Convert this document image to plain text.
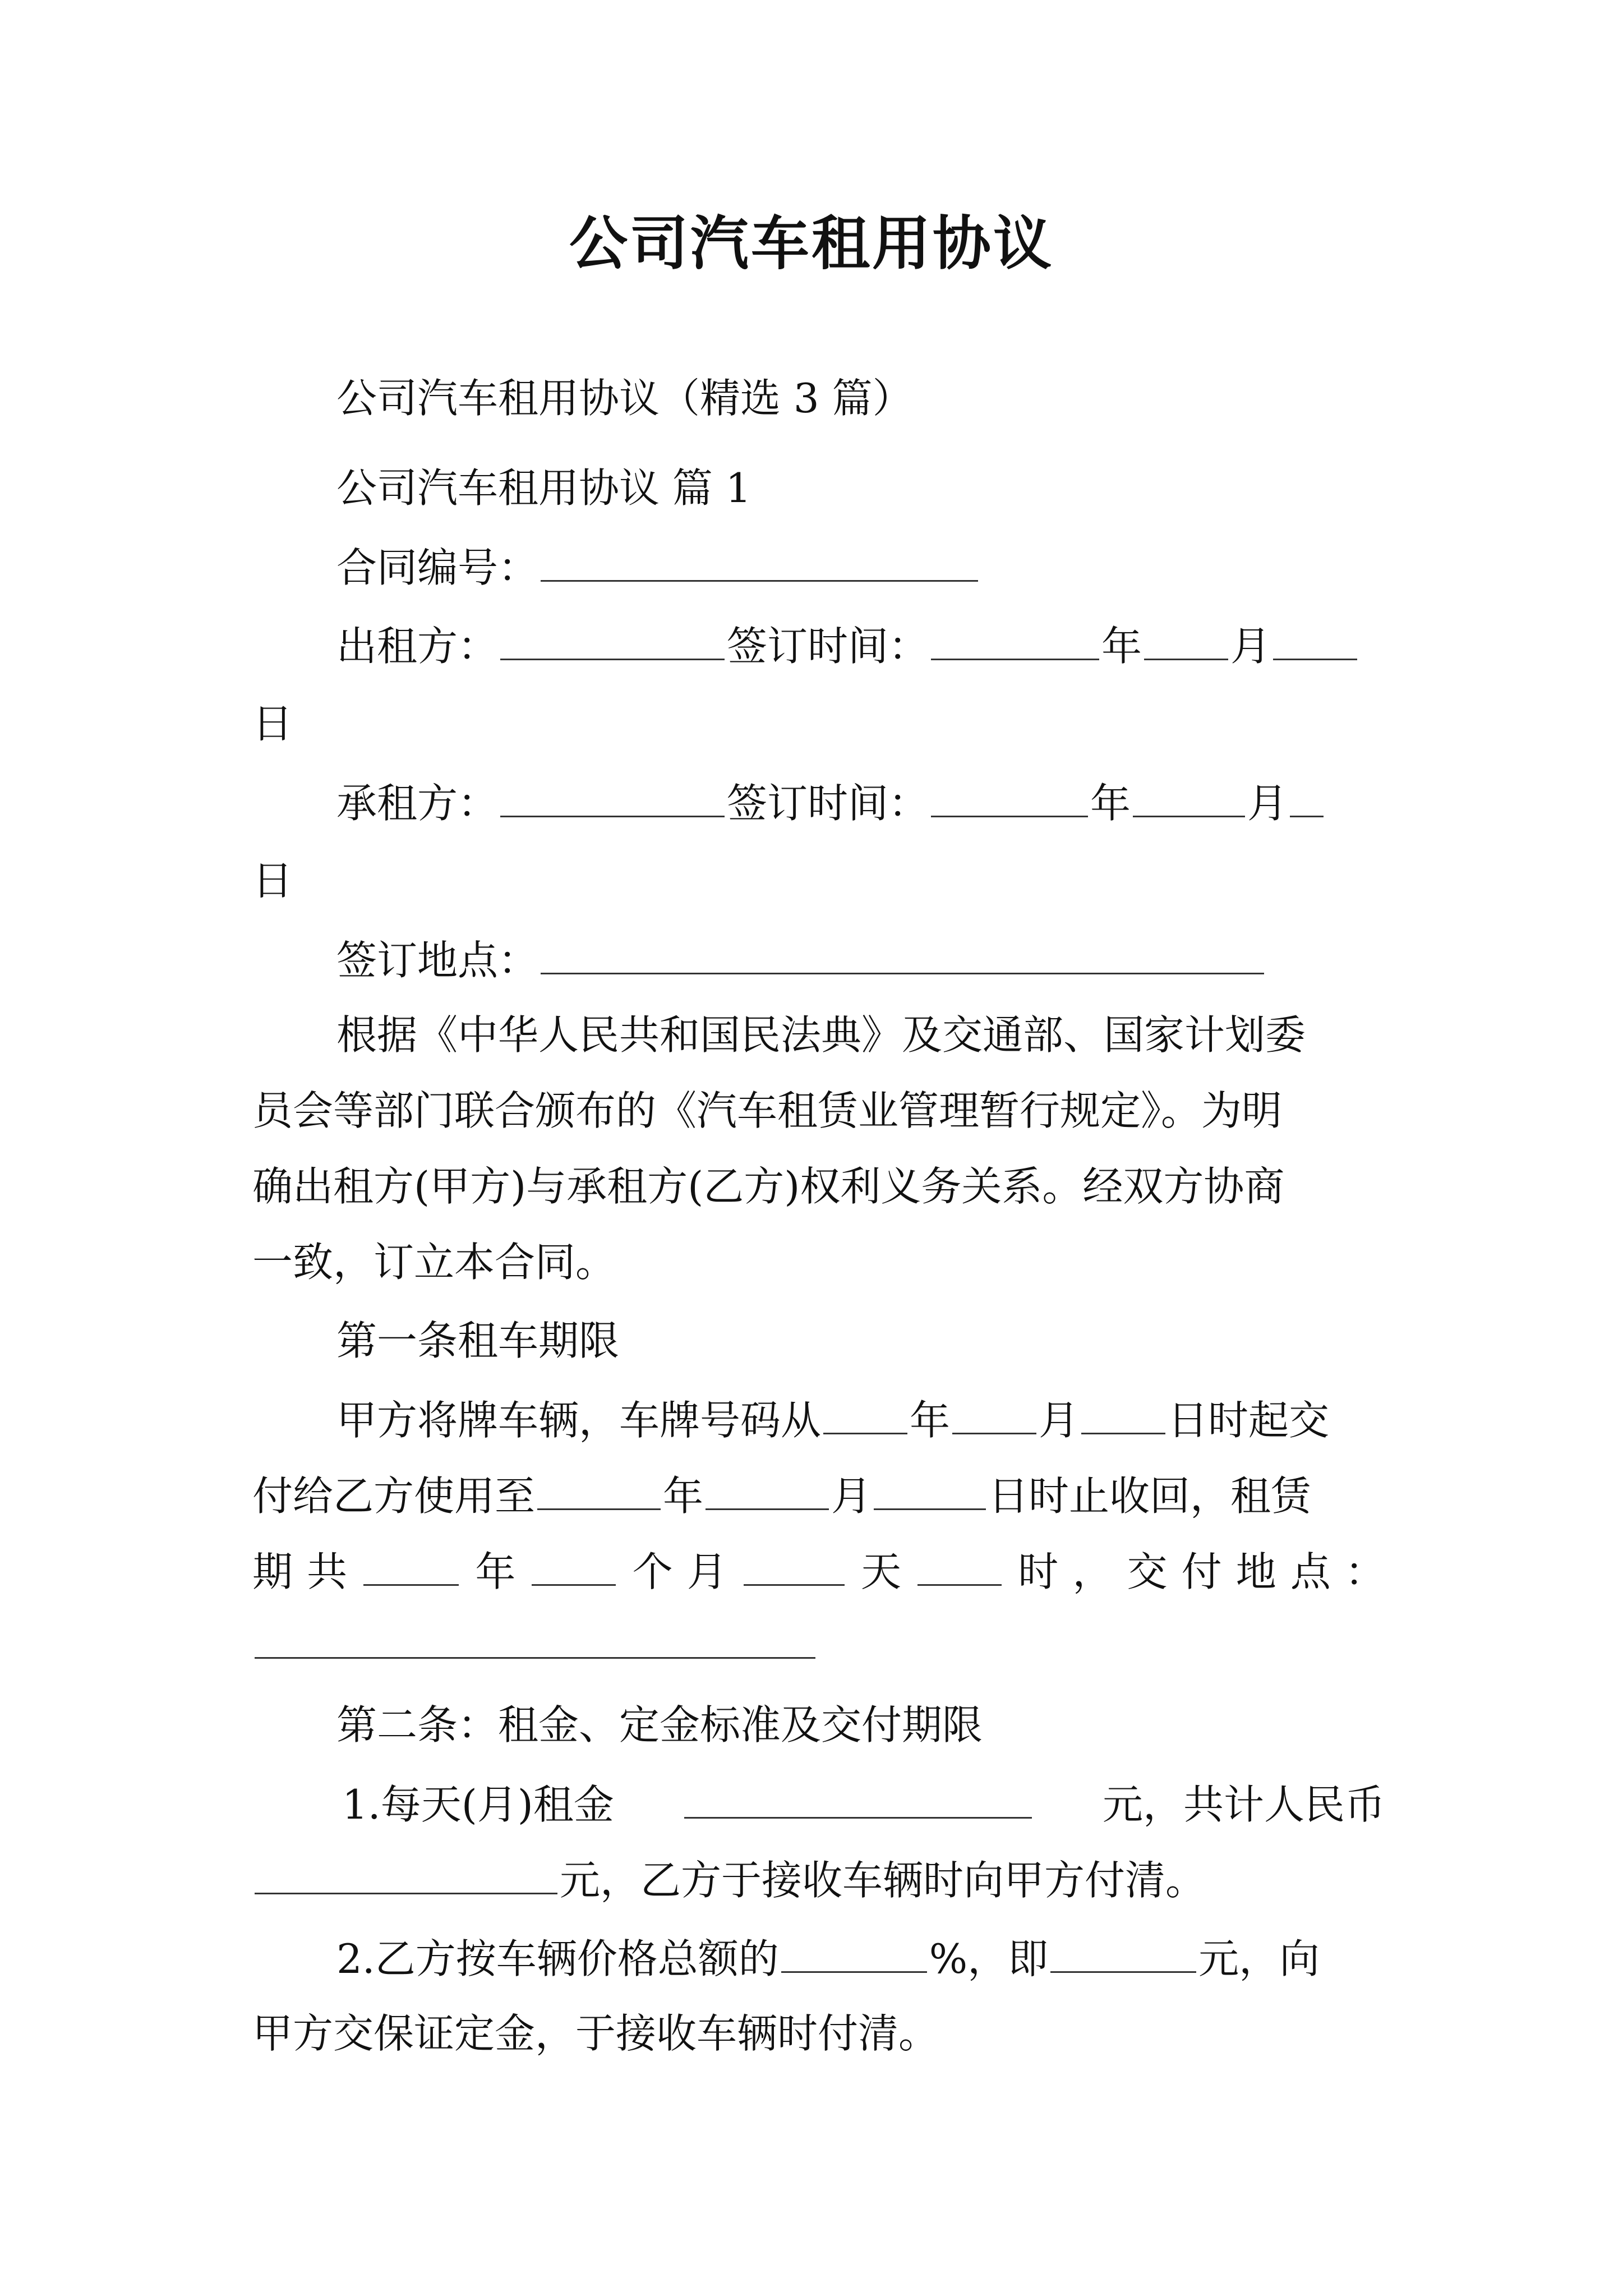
公司汽车租用协议
公司汽车租用协议（精选 3 篇）
公司汽车租用协议 篇 1
合同编号：
出租方：	签订时间：	年 月
日
承租方：	签订时间：	年	月
日
签订地点：
根据《中华人民共和国民法典》及交通部、国家计划委
员会等部门联合颁布的《汽车租赁业管理暂行规定》。为明
确出租方(甲方)与承租方(乙方)权利义务关系。经双方协商
一致，订立本合同。
第一条租车期限
甲方将牌车辆，车牌号码从 年 月 日时起交
付给乙方使用至	年	月	日时止收回，租赁
期 共	年	个 月	天	时 ， 交 付 地 点 ：
第二条：租金、定金标准及交付期限
1.每天(月)租金	元，共计人民币
元，乙方于接收车辆时向甲方付清。
2.乙方按车辆价格总额的	%，即	元，向
甲方交保证定金，于接收车辆时付清。
